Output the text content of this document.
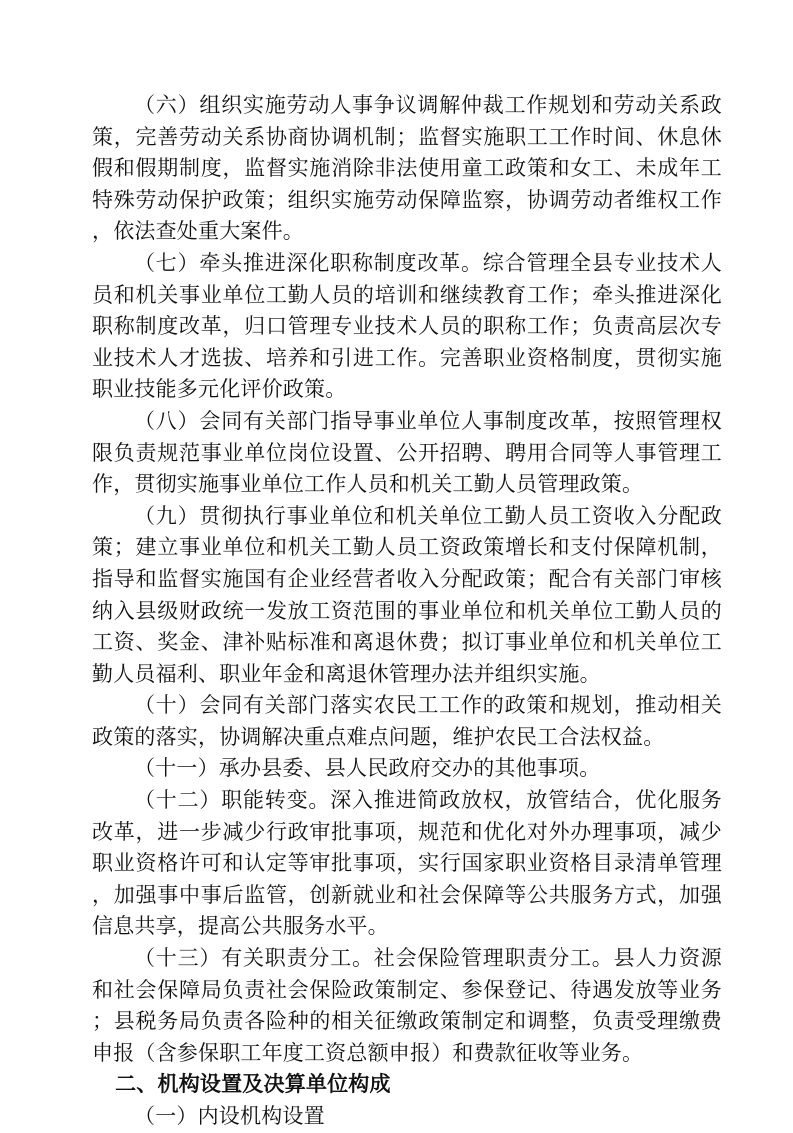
（六）组织实施劳动人事争议调解仲裁工作规划和劳动关系政策，完善劳动关系协商协调机制；监督实施职工工作时间、休息休假和假期制度，监督实施消除非法使用童工政策和女工、未成年工特殊劳动保护政策；组织实施劳动保障监察，协调劳动者维权工作，依法查处重大案件。

（七）牵头推进深化职称制度改革。综合管理全县专业技术人员和机关事业单位工勤人员的培训和继续教育工作；牵头推进深化职称制度改革，归口管理专业技术人员的职称工作；负责高层次专业技术人才选拔、培养和引进工作。完善职业资格制度，贯彻实施职业技能多元化评价政策。

（八）会同有关部门指导事业单位人事制度改革，按照管理权限负责规范事业单位岗位设置、公开招聘、聘用合同等人事管理工作，贯彻实施事业单位工作人员和机关工勤人员管理政策。

（九）贯彻执行事业单位和机关单位工勤人员工资收入分配政策；建立事业单位和机关工勤人员工资政策增长和支付保障机制，指导和监督实施国有企业经营者收入分配政策；配合有关部门审核纳入县级财政统一发放工资范围的事业单位和机关单位工勤人员的工资、奖金、津补贴标准和离退休费；拟订事业单位和机关单位工勤人员福利、职业年金和离退休管理办法并组织实施。

（十）会同有关部门落实农民工工作的政策和规划，推动相关政策的落实，协调解决重点难点问题，维护农民工合法权益。

（十一）承办县委、县人民政府交办的其他事项。

（十二）职能转变。深入推进简政放权，放管结合，优化服务改革，进一步减少行政审批事项，规范和优化对外办理事项，减少职业资格许可和认定等审批事项，实行国家职业资格目录清单管理，加强事中事后监管，创新就业和社会保障等公共服务方式，加强信息共享，提高公共服务水平。

（十三）有关职责分工。社会保险管理职责分工。县人力资源和社会保障局负责社会保险政策制定、参保登记、待遇发放等业务；县税务局负责各险种的相关征缴政策制定和调整，负责受理缴费申报（含参保职工年度工资总额申报）和费款征收等业务。

二、机构设置及决算单位构成

（一）内设机构设置
